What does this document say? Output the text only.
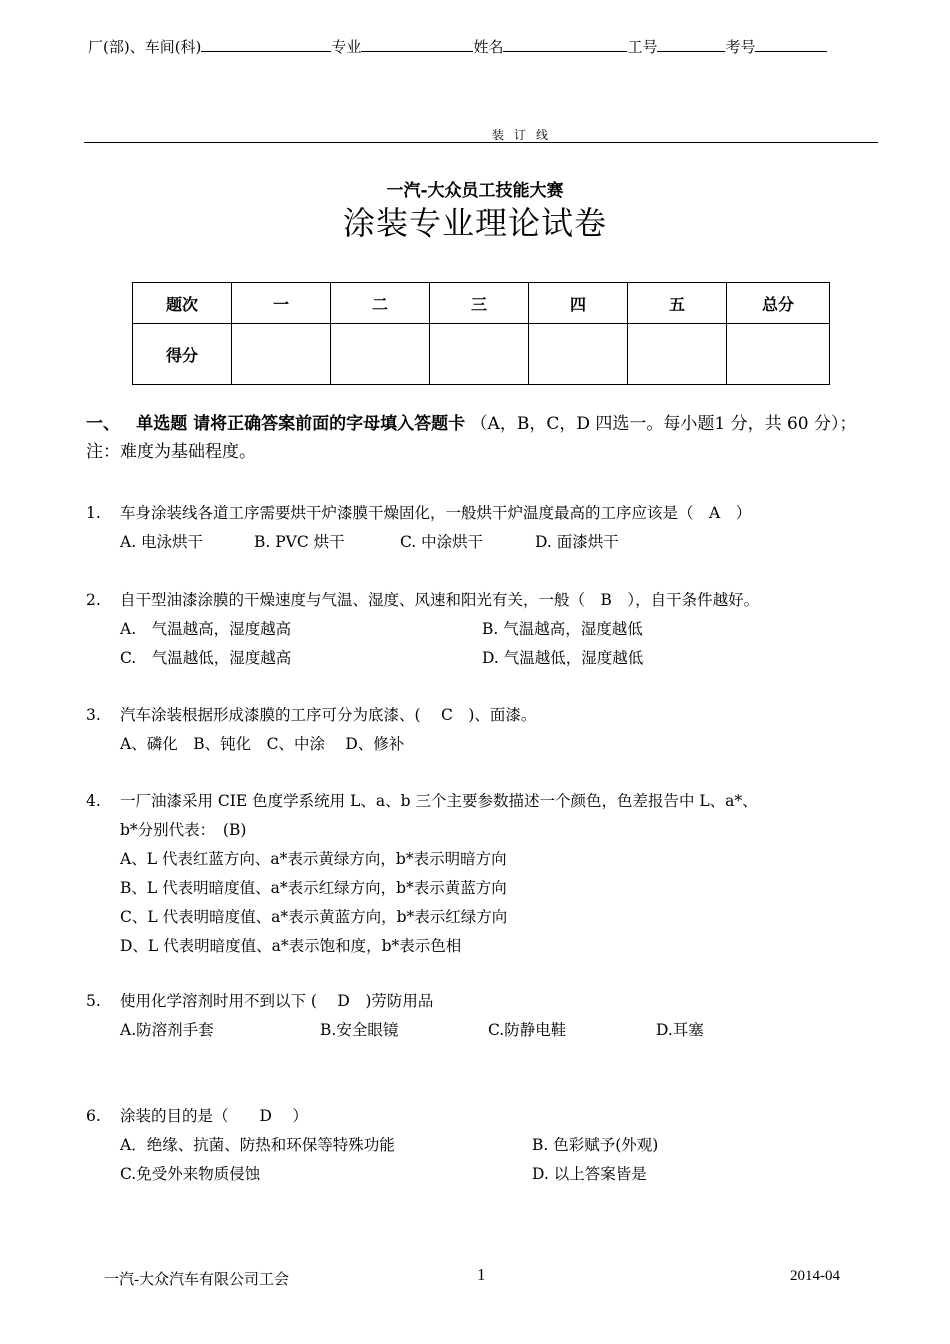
厂(部)、车间(科)	专业	姓名	工号	考号
装订线
一汽-大众员工技能大赛
涂装专业理论试卷
题次	一	二	三	四	五	总分
得分						
一、 单选题 请将正确答案前面的字母填入答题卡 （A，B，C，D 四选一。每小题1 分，共 60 分）；注：难度为基础程度。
1. 车身涂装线各道工序需要烘干炉漆膜干燥固化，一般烘干炉温度最高的工序应该是（　A　）
A. 电泳烘干	B. PVC 烘干	C. 中涂烘干	D. 面漆烘干
2. 自干型油漆涂膜的干燥速度与气温、湿度、风速和阳光有关，一般（　B　），自干条件越好。
A.　气温越高，湿度越高	B. 气温越高，湿度越低
C.　气温越低，湿度越高	D. 气温越低，湿度越低
3. 汽车涂装根据形成漆膜的工序可分为底漆、(　 C　)、面漆。
A、磷化　B、钝化　C、中涂　 D、修补
4. 一厂油漆采用 CIE 色度学系统用 L、a、b 三个主要参数描述一个颜色，色差报告中 L、a*、
b*分别代表：　(B)
A、L 代表红蓝方向、a*表示黄绿方向，b*表示明暗方向
B、L 代表明暗度值、a*表示红绿方向，b*表示黄蓝方向
C、L 代表明暗度值、a*表示黄蓝方向，b*表示红绿方向
D、L 代表明暗度值、a*表示饱和度，b*表示色相
5. 使用化学溶剂时用不到以下 (　 D　)劳防用品
A.防溶剂手套	B.安全眼镜	C.防静电鞋	D.耳塞
6. 涂装的目的是（　　D　 ）
A．绝缘、抗菌、防热和环保等特殊功能	B. 色彩赋予(外观)
C.免受外来物质侵蚀	D. 以上答案皆是
一汽-大众汽车有限公司工会	1	2014-04
